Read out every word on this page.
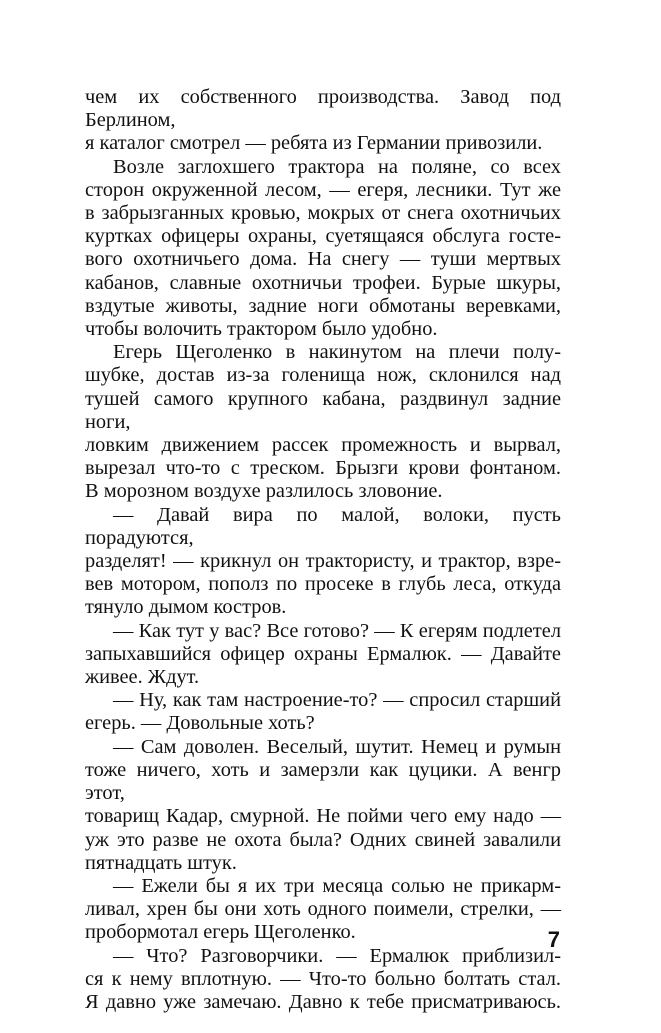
чем их собственного производства. Завод под Берлином,

я каталог смотрел — ребята из Германии привозили.

Возле заглохшего трактора на поляне, со всех

сторон окруженной лесом, — егеря, лесники. Тут же

в забрызганных кровью, мокрых от снега охотничьих

куртках офицеры охраны, суетящаяся обслуга госте-

вого охотничьего дома. На снегу — туши мертвых

кабанов, славные охотничьи трофеи. Бурые шкуры,

вздутые животы, задние ноги обмотаны веревками,

чтобы волочить трактором было удобно.

Егерь Щеголенко в накинутом на плечи полу-

шубке, достав из-за голенища нож, склонился над

тушей самого крупного кабана, раздвинул задние ноги,

ловким движением рассек промежность и вырвал,

вырезал что-то с треском. Брызги крови фонтаном.

В морозном воздухе разлилось зловоние.

— Давай вира по малой, волоки, пусть порадуются,

разделят! — крикнул он трактористу, и трактор, взре-

вев мотором, пополз по просеке в глубь леса, откуда

тянуло дымом костров.

— Как тут у вас? Все готово? — К егерям подлетел

запыхавшийся офицер охраны Ермалюк. — Давайте

живее. Ждут.

— Ну, как там настроение-то? — спросил старший

егерь. — Довольные хоть?

— Сам доволен. Веселый, шутит. Немец и румын

тоже ничего, хоть и замерзли как цуцики. А венгр этот,

товарищ Кадар, смурной. Не пойми чего ему надо —

уж это разве не охота была? Одних свиней завалили

пятнадцать штук.

— Ежели бы я их три месяца солью не прикарм-

ливал, хрен бы они хоть одного поимели, стрелки, —

пробормотал егерь Щеголенко.

— Что? Разговорчики. — Ермалюк приблизил-

ся к нему вплотную. — Что-то больно болтать стал.

Я давно уже замечаю. Давно к тебе присматриваюсь.

7
